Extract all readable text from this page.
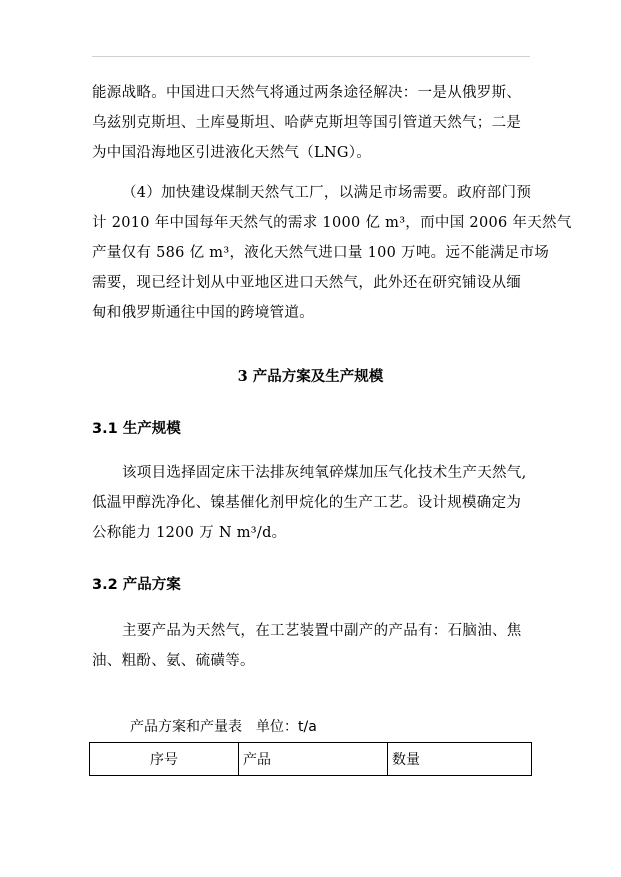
能源战略。中国进口天然气将通过两条途径解决：一是从俄罗斯、

乌兹别克斯坦、土库曼斯坦、哈萨克斯坦等国引管道天然气；二是

为中国沿海地区引进液化天然气（LNG）。

（4）加快建设煤制天然气工厂，以满足市场需要。政府部门预

计 2010 年中国每年天然气的需求 1000 亿 m³，而中国 2006 年天然气

产量仅有 586 亿 m³，液化天然气进口量 100 万吨。远不能满足市场

需要，现已经计划从中亚地区进口天然气，此外还在研究铺设从缅

甸和俄罗斯通往中国的跨境管道。

3 产品方案及生产规模

3.1 生产规模

该项目选择固定床干法排灰纯氧碎煤加压气化技术生产天然气,

低温甲醇洗净化、镍基催化剂甲烷化的生产工艺。设计规模确定为

公称能力 1200 万 N m³/d。

3.2 产品方案

主要产品为天然气，在工艺装置中副产的产品有：石脑油、焦

油、粗酚、氨、硫磺等。

产品方案和产量表　单位：t/a

序号	产品	数量
